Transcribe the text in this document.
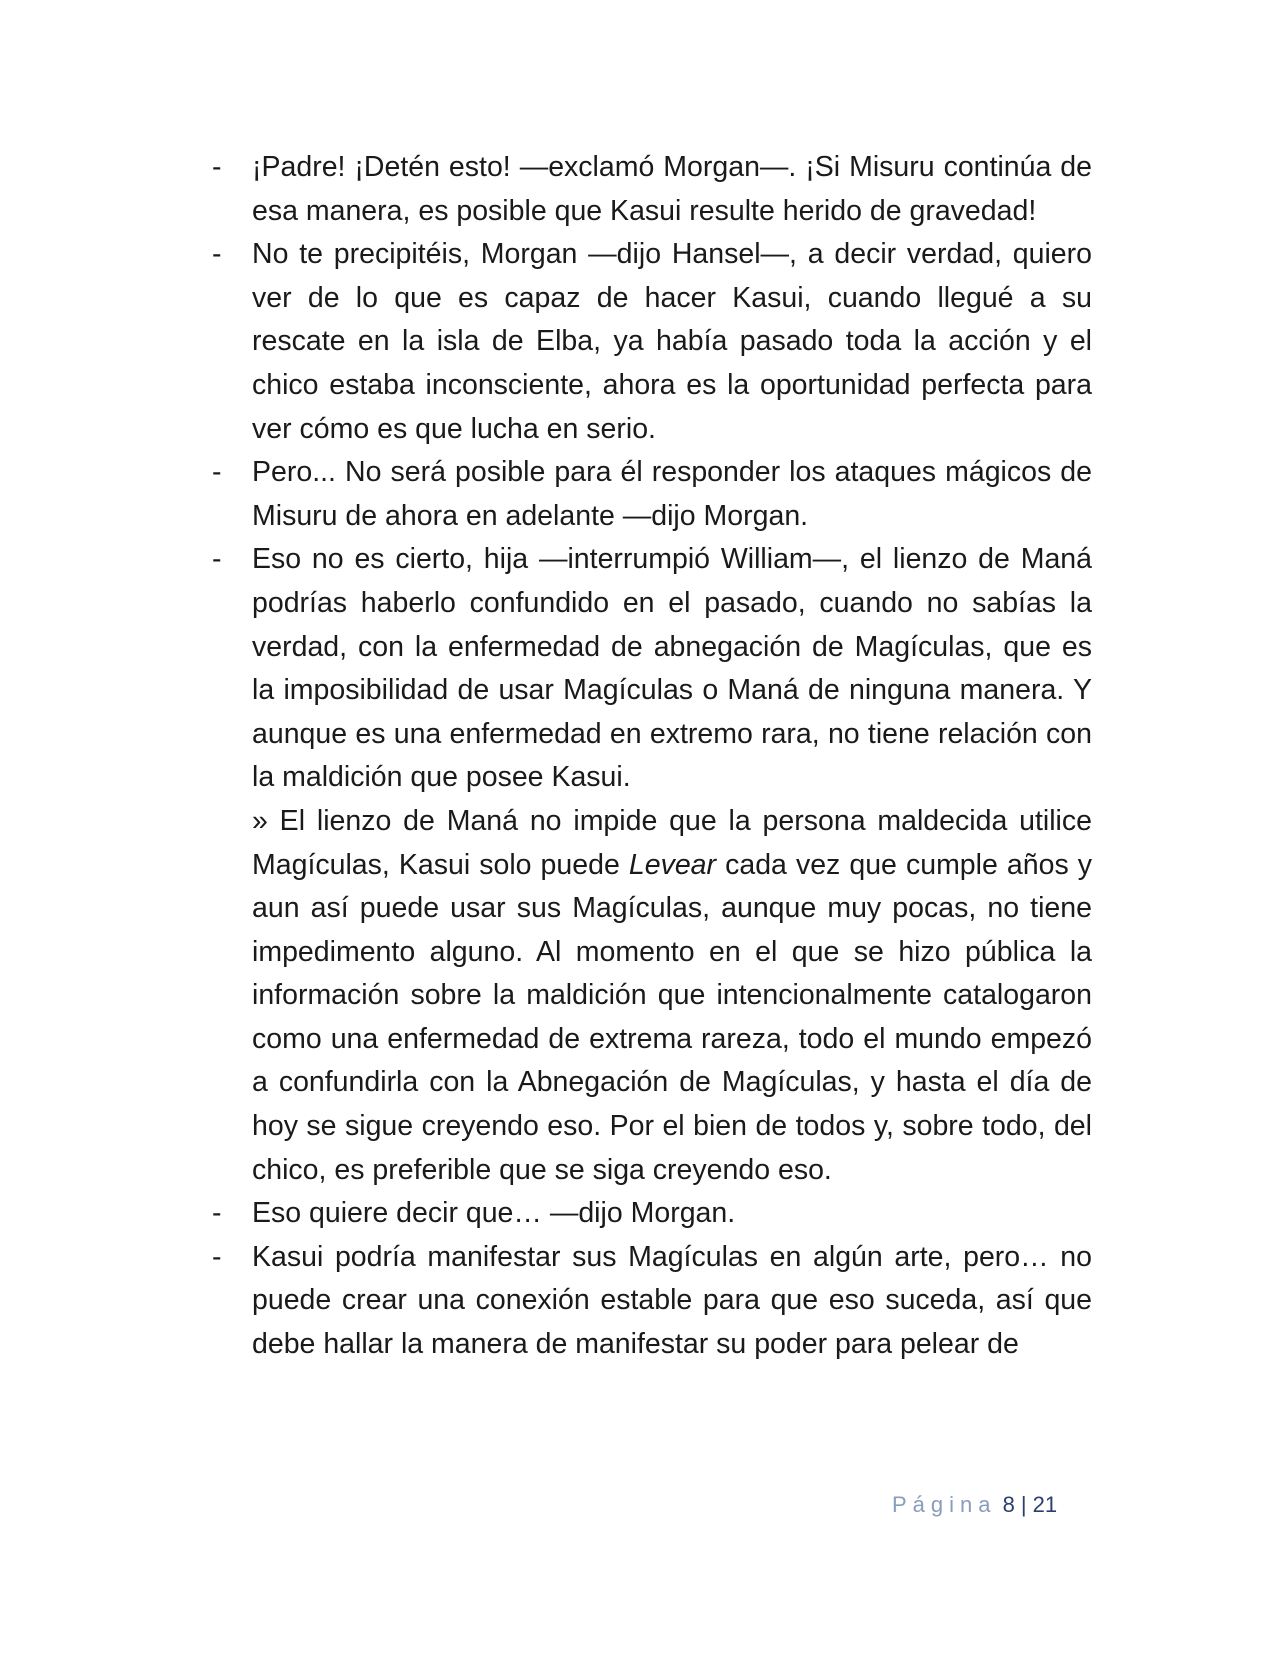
- ¡Padre! ¡Detén esto! —exclamó Morgan—. ¡Si Misuru continúa de esa manera, es posible que Kasui resulte herido de gravedad!

- No te precipitéis, Morgan —dijo Hansel—, a decir verdad, quiero ver de lo que es capaz de hacer Kasui, cuando llegué a su rescate en la isla de Elba, ya había pasado toda la acción y el chico estaba inconsciente, ahora es la oportunidad perfecta para ver cómo es que lucha en serio.

- Pero... No será posible para él responder los ataques mágicos de Misuru de ahora en adelante —dijo Morgan.

- Eso no es cierto, hija —interrumpió William—, el lienzo de Maná podrías haberlo confundido en el pasado, cuando no sabías la verdad, con la enfermedad de abnegación de Magículas, que es la imposibilidad de usar Magículas o Maná de ninguna manera. Y aunque es una enfermedad en extremo rara, no tiene relación con la maldición que posee Kasui.

» El lienzo de Maná no impide que la persona maldecida utilice Magículas, Kasui solo puede Levear cada vez que cumple años y aun así puede usar sus Magículas, aunque muy pocas, no tiene impedimento alguno. Al momento en el que se hizo pública la información sobre la maldición que intencionalmente catalogaron como una enfermedad de extrema rareza, todo el mundo empezó a confundirla con la Abnegación de Magículas, y hasta el día de hoy se sigue creyendo eso. Por el bien de todos y, sobre todo, del chico, es preferible que se siga creyendo eso.

- Eso quiere decir que… —dijo Morgan.

- Kasui podría manifestar sus Magículas en algún arte, pero… no puede crear una conexión estable para que eso suceda, así que debe hallar la manera de manifestar su poder para pelear de

Página 8 | 21
